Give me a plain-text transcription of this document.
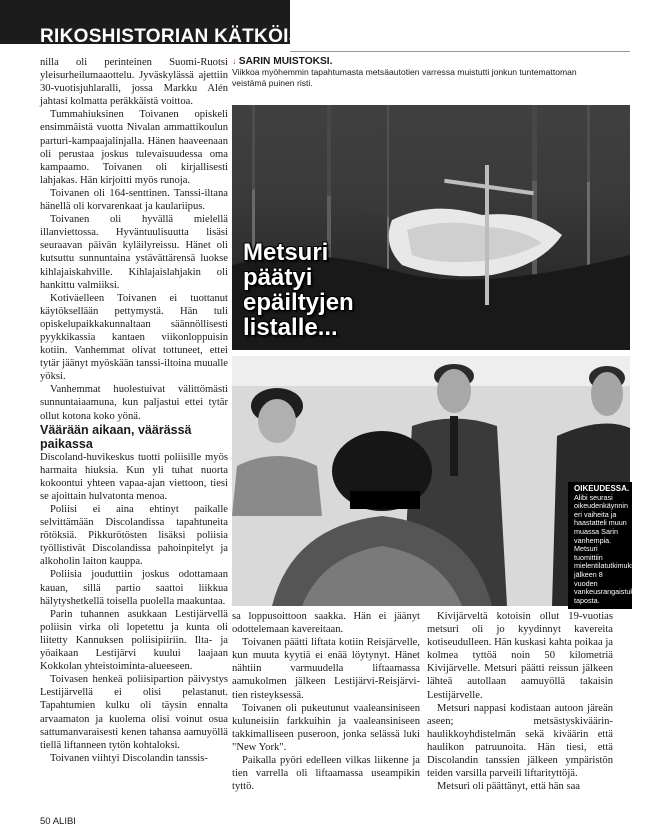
RIKOSHISTORIAN KÄTKÖISTÄ

nilla oli perinteinen Suomi-Ruotsi yleisurheilumaaottelu. Jyväskylässä ajettiin 30-vuotisjuhlaralli, jossa Markku Alén jahtasi kolmatta peräkkäistä voittoa.

Tummahiuksinen Toivanen opiskeli ensimmäistä vuotta Nivalan ammattikoulun parturi-kampaajalinjalla. Hänen haaveenaan oli perustaa joskus tulevaisuudessa oma kampaamo. Toivanen oli kirjallisesti lahjakas. Hän kirjoitti myös runoja.

Toivanen oli 164-senttinen. Tanssi-iltana hänellä oli korvarenkaat ja kaulariipus.

Toivanen oli hyvällä mielellä illanviettossa. Hyväntuulisuutta lisäsi seuraavan päivän kyläilyreissu. Hänet oli kutsuttu sunnuntaina ystävättärensä luokse kihlajaiskahville. Kihlajaislahjakin oli hankittu valmiiksi.

Kotiväelleen Toivanen ei tuottanut käytöksellään pettymystä. Hän tuli opiskelupaikkakunnaltaan säännöllisesti pyykkikassia kantaen viikonloppuisin kotiin. Vanhemmat olivat tottuneet, ettei tytär jäänyt myöskään tanssi-iltoina muualle yöksi.

Vanhemmat huolestuivat välittömästi sunnuntaiaamuna, kun paljastui ettei tytär ollut kotona koko yönä.

Väärään aikaan, väärässä paikassa

Discoland-huvikeskus tuotti poliisille myös harmaita hiuksia. Kun yli tuhat nuorta kokoontui yhteen vapaa-ajan viettoon, tiesi se ajoittain hulvatonta menoa.

Poliisi ei aina ehtinyt paikalle selvittämään Discolandissa tapahtuneita rötöksiä. Pikkurötösten lisäksi poliisia työllistivät Discolandissa pahoinpitelyt ja alkoholin laiton kauppa.

Poliisia jouduttiin joskus odottamaan kauan, sillä partio saattoi liikkua hälytyshetkellä toisella puolella maakuntaa.

Parin tuhannen asukkaan Lestijärvellä poliisin virka oli lopetettu ja kunta oli liitetty Kannuksen poliisipiiriin. Ilta- ja yöaikaan Lestijärvi kuului laajaan Kokkolan yhteistoiminta-alueeseen.

Toivasen henkeä poliisipartion päivystys Lestijärvellä ei olisi pelastanut. Tapahtumien kulku oli täysin ennalta arvaamaton ja kuolema olisi voinut osua sattumanvaraisesti kenen tahansa aamuyöllä tiellä liftanneen tytön kohtaloksi.

Toivanen viihtyi Discolandin tanssis-

↓ SARIN MUISTOKSI.
Viikkoa myöhemmin tapahtumasta metsäautotien varressa muistutti jonkun tuntemattoman veistämä puinen risti.
Metsuri
päätyi
epäiltyjen
listalle...
OIKEUDESSA.
Alibi seurasi oikeudenkäynnin eri vaiheita ja haastatteli muun muassa Sarin vanhempia. Metsuri tuomittiin mielentilatutkimuksen jälkeen 8 vuoden vankeusrangaistukseen taposta.

sa loppusoittoon saakka. Hän ei jäänyt odottelemaan kavereitaan.

Toivanen päätti liftata kotiin Reisjärvelle, kun muuta kyytiä ei enää löytynyt. Hänet nähtiin varmuudella liftaamassa aamukolmen jälkeen Lestijärvi-Reisjärvi-tien risteyksessä.

Toivanen oli pukeutunut vaaleansiniseen kuluneisiin farkkuihin ja vaaleansiniseen takkimalliseen puseroon, jonka selässä luki "New York".

Paikalla pyöri edelleen vilkas liikenne ja tien varrella oli liftaamassa useampikin tyttö.

Kivijärveltä kotoisin ollut 19-vuotias metsuri oli jo kyydinnyt kavereita kotiseudulleen. Hän kuskasi kahta poikaa ja kolmea tyttöä noin 50 kilometriä Kivijärvelle. Metsuri päätti reissun jälkeen lähteä autollaan aamuyöllä takaisin Lestijärvelle.

Metsuri nappasi kodistaan autoon järeän aseen; metsästyskiväärin-haulikkoyhdistelmän sekä kiväärin että haulikon patruunoita. Hän tiesi, että Discolandin tanssien jälkeen ympäristön teiden varsilla parveili liftarityttöjä.

Metsuri oli päättänyt, että hän saa

50 ALIBI
